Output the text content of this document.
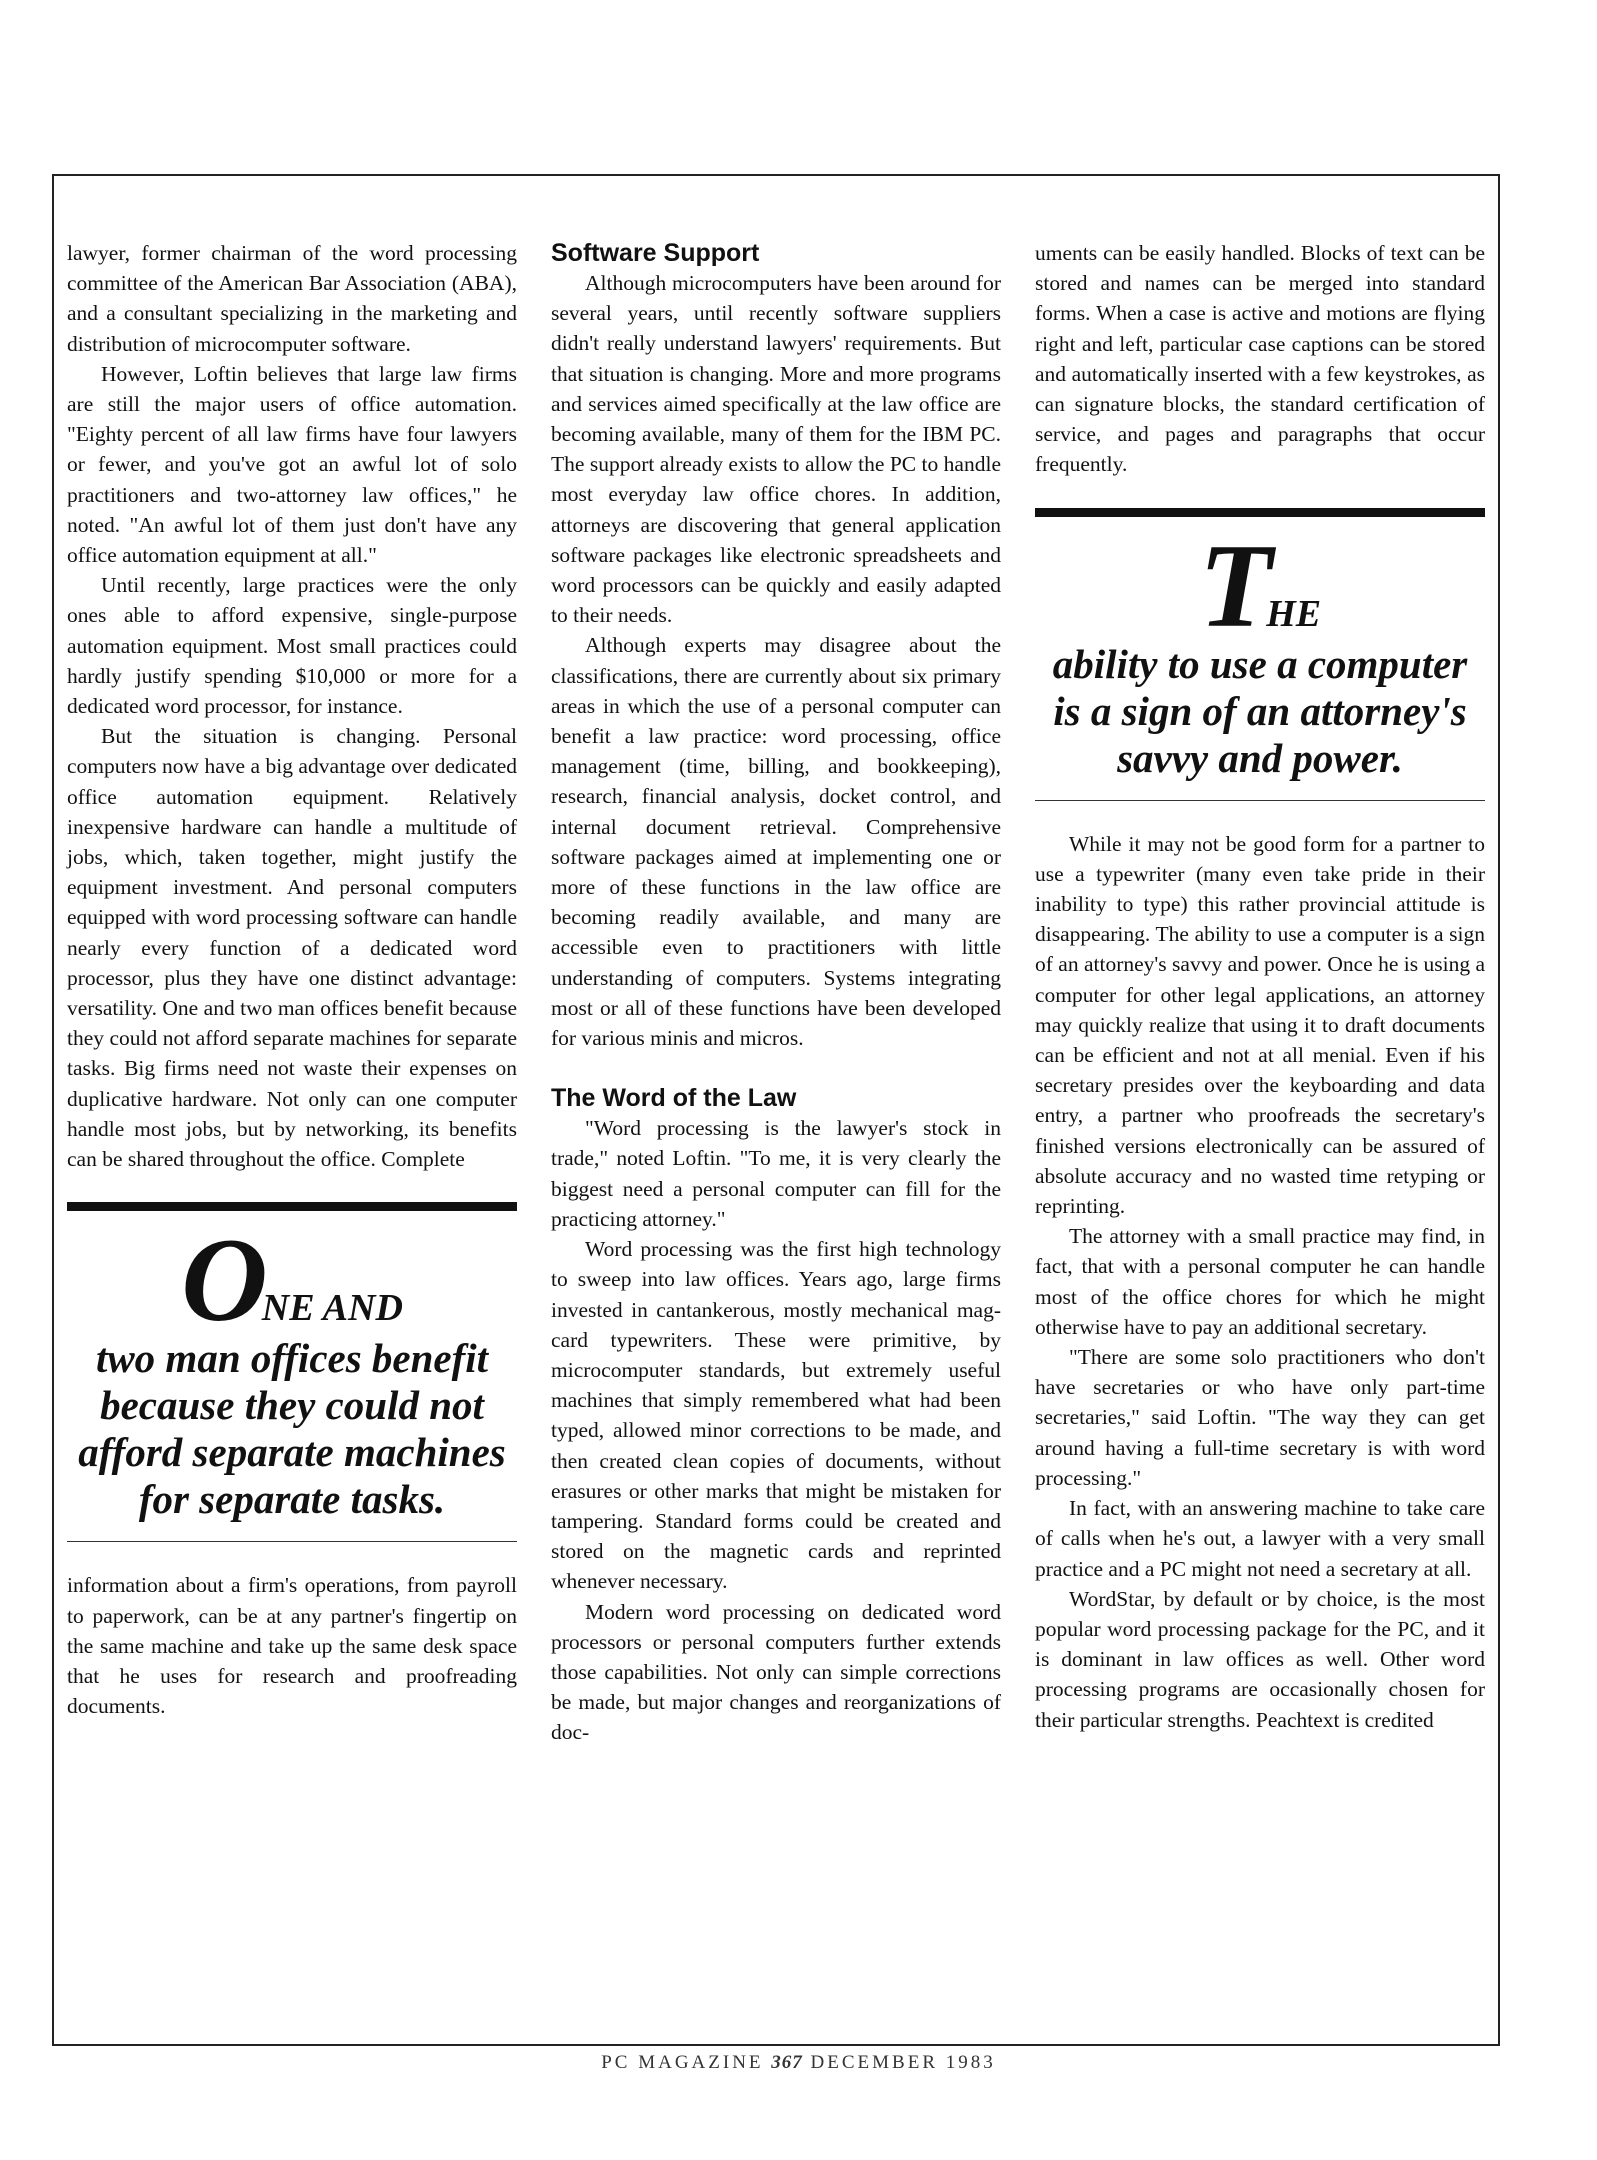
lawyer, former chairman of the word processing committee of the American Bar Association (ABA), and a consultant specializing in the marketing and distribution of microcomputer software.

However, Loftin believes that large law firms are still the major users of office automation. "Eighty percent of all law firms have four lawyers or fewer, and you've got an awful lot of solo practitioners and two-attorney law offices," he noted. "An awful lot of them just don't have any office automation equipment at all."

Until recently, large practices were the only ones able to afford expensive, single-purpose automation equipment. Most small practices could hardly justify spending $10,000 or more for a dedicated word processor, for instance.

But the situation is changing. Personal computers now have a big advantage over dedicated office automation equipment. Relatively inexpensive hardware can handle a multitude of jobs, which, taken together, might justify the equipment investment. And personal computers equipped with word processing software can handle nearly every function of a dedicated word processor, plus they have one distinct advantage: versatility. One and two man offices benefit because they could not afford separate machines for separate tasks. Big firms need not waste their expenses on duplicative hardware. Not only can one computer handle most jobs, but by networking, its benefits can be shared throughout the office. Complete

ONE AND
two man offices benefit because they could not afford separate machines for separate tasks.

information about a firm's operations, from payroll to paperwork, can be at any partner's fingertip on the same machine and take up the same desk space that he uses for research and proofreading documents.

Software Support

Although microcomputers have been around for several years, until recently software suppliers didn't really understand lawyers' requirements. But that situation is changing. More and more programs and services aimed specifically at the law office are becoming available, many of them for the IBM PC. The support already exists to allow the PC to handle most everyday law office chores. In addition, attorneys are discovering that general application software packages like electronic spreadsheets and word processors can be quickly and easily adapted to their needs.

Although experts may disagree about the classifications, there are currently about six primary areas in which the use of a personal computer can benefit a law practice: word processing, office management (time, billing, and bookkeeping), research, financial analysis, docket control, and internal document retrieval. Comprehensive software packages aimed at implementing one or more of these functions in the law office are becoming readily available, and many are accessible even to practitioners with little understanding of computers. Systems integrating most or all of these functions have been developed for various minis and micros.

The Word of the Law

"Word processing is the lawyer's stock in trade," noted Loftin. "To me, it is very clearly the biggest need a personal computer can fill for the practicing attorney."

Word processing was the first high technology to sweep into law offices. Years ago, large firms invested in cantankerous, mostly mechanical mag-card typewriters. These were primitive, by microcomputer standards, but extremely useful machines that simply remembered what had been typed, allowed minor corrections to be made, and then created clean copies of documents, without erasures or other marks that might be mistaken for tampering. Standard forms could be created and stored on the magnetic cards and reprinted whenever necessary.

Modern word processing on dedicated word processors or personal computers further extends those capabilities. Not only can simple corrections be made, but major changes and reorganizations of doc-

uments can be easily handled. Blocks of text can be stored and names can be merged into standard forms. When a case is active and motions are flying right and left, particular case captions can be stored and automatically inserted with a few keystrokes, as can signature blocks, the standard certification of service, and pages and paragraphs that occur frequently.

THE
ability to use a computer is a sign of an attorney's savvy and power.

While it may not be good form for a partner to use a typewriter (many even take pride in their inability to type) this rather provincial attitude is disappearing. The ability to use a computer is a sign of an attorney's savvy and power. Once he is using a computer for other legal applications, an attorney may quickly realize that using it to draft documents can be efficient and not at all menial. Even if his secretary presides over the keyboarding and data entry, a partner who proofreads the secretary's finished versions electronically can be assured of absolute accuracy and no wasted time retyping or reprinting.

The attorney with a small practice may find, in fact, that with a personal computer he can handle most of the office chores for which he might otherwise have to pay an additional secretary.

"There are some solo practitioners who don't have secretaries or who have only part-time secretaries," said Loftin. "The way they can get around having a full-time secretary is with word processing."

In fact, with an answering machine to take care of calls when he's out, a lawyer with a very small practice and a PC might not need a secretary at all.

WordStar, by default or by choice, is the most popular word processing package for the PC, and it is dominant in law offices as well. Other word processing programs are occasionally chosen for their particular strengths. Peachtext is credited

PC MAGAZINE 367 DECEMBER 1983
